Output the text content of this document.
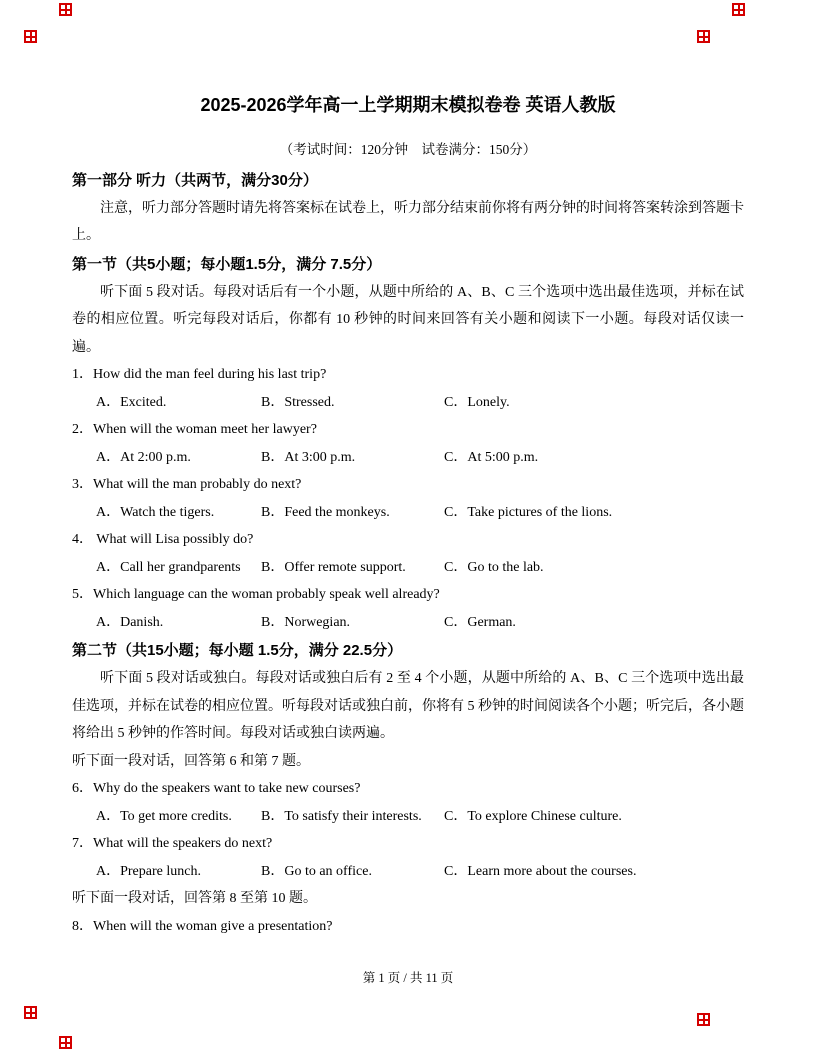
2025-2026学年高一上学期期末模拟卷卷 英语人教版
（考试时间：120分钟　试卷满分：150分）
第一部分 听力（共两节，满分30分）
注意，听力部分答题时请先将答案标在试卷上，听力部分结束前你将有两分钟的时间将答案转涂到答题卡上。
第一节（共5小题；每小题1.5分，满分 7.5分）
听下面 5 段对话。每段对话后有一个小题，从题中所给的 A、B、C 三个选项中选出最佳选项，并标在试卷的相应位置。听完每段对话后，你都有 10 秒钟的时间来回答有关小题和阅读下一小题。每段对话仅读一遍。
1．How did the man feel during his last trip?
A．Excited.	B．Stressed.	C．Lonely.
2．When will the woman meet her lawyer?
A．At 2:00 p.m.	B．At 3:00 p.m.	C．At 5:00 p.m.
3．What will the man probably do next?
A．Watch the tigers.	B．Feed the monkeys.	C．Take pictures of the lions.
4． What will Lisa possibly do?
A．Call her grandparents	B．Offer remote support.	C．Go to the lab.
5．Which language can the woman probably speak well already?
A．Danish.	B．Norwegian.	C．German.
第二节（共15小题；每小题 1.5分，满分 22.5分）
听下面 5 段对话或独白。每段对话或独白后有 2 至 4 个小题，从题中所给的 A、B、C 三个选项中选出最佳选项，并标在试卷的相应位置。听每段对话或独白前，你将有 5 秒钟的时间阅读各个小题；听完后，各小题将给出 5 秒钟的作答时间。每段对话或独白读两遍。
听下面一段对话，回答第 6 和第 7 题。
6．Why do the speakers want to take new courses?
A．To get more credits.	B．To satisfy their interests.	C．To explore Chinese culture.
7．What will the speakers do next?
A．Prepare lunch.	B．Go to an office.	C．Learn more about the courses.
听下面一段对话，回答第 8 至第 10 题。
8．When will the woman give a presentation?
第 1 页 / 共 11 页
